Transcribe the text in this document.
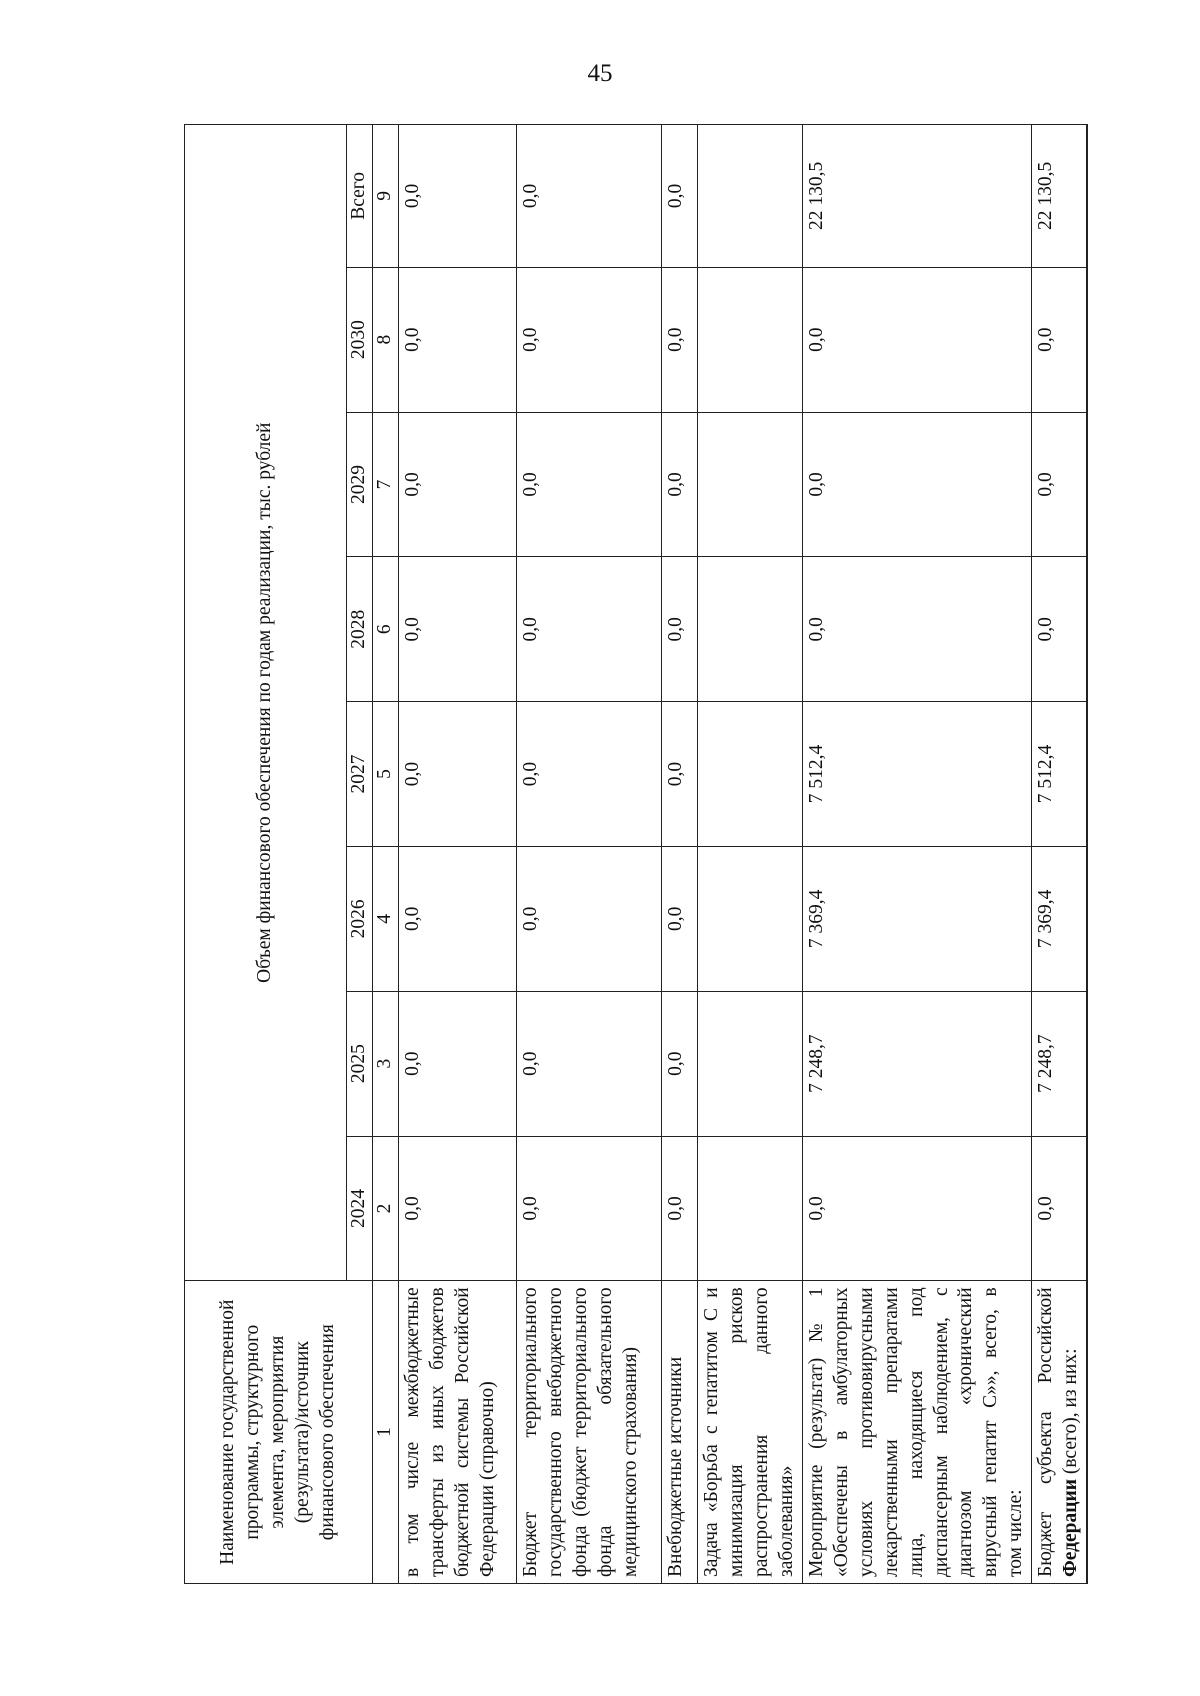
45
Наименование государственной программы, структурного элемента, мероприятия (результата)/источник финансового обеспечения	Объем финансового обеспечения по годам реализации, тыс. рублей							
	2024	2025	2026	2027	2028	2029	2030	Всего
1	2	3	4	5	6	7	8	9
в том числе межбюджетные трансферты из иных бюджетов бюджетной системы Российской Федерации (справочно)	0,0	0,0	0,0	0,0	0,0	0,0	0,0	0,0
Бюджет территориального государственного внебюджетного фонда (бюджет территориального фонда обязательного медицинского страхования)	0,0	0,0	0,0	0,0	0,0	0,0	0,0	0,0
Внебюджетные источники	0,0	0,0	0,0	0,0	0,0	0,0	0,0	0,0
Задача «Борьба с гепатитом С и минимизация рисков распространения данного заболевания»								
Мероприятие (результат) № 1 «Обеспечены в амбулаторных условиях противовирусными лекарственными препаратами лица, находящиеся под диспансерным наблюдением, с диагнозом «хронический вирусный гепатит С»», всего, в том числе:	0,0	7 248,7	7 369,4	7 512,4	0,0	0,0	0,0	22 130,5
Бюджет субъекта Российской Федерации (всего), из них:	0,0	7 248,7	7 369,4	7 512,4	0,0	0,0	0,0	22 130,5
